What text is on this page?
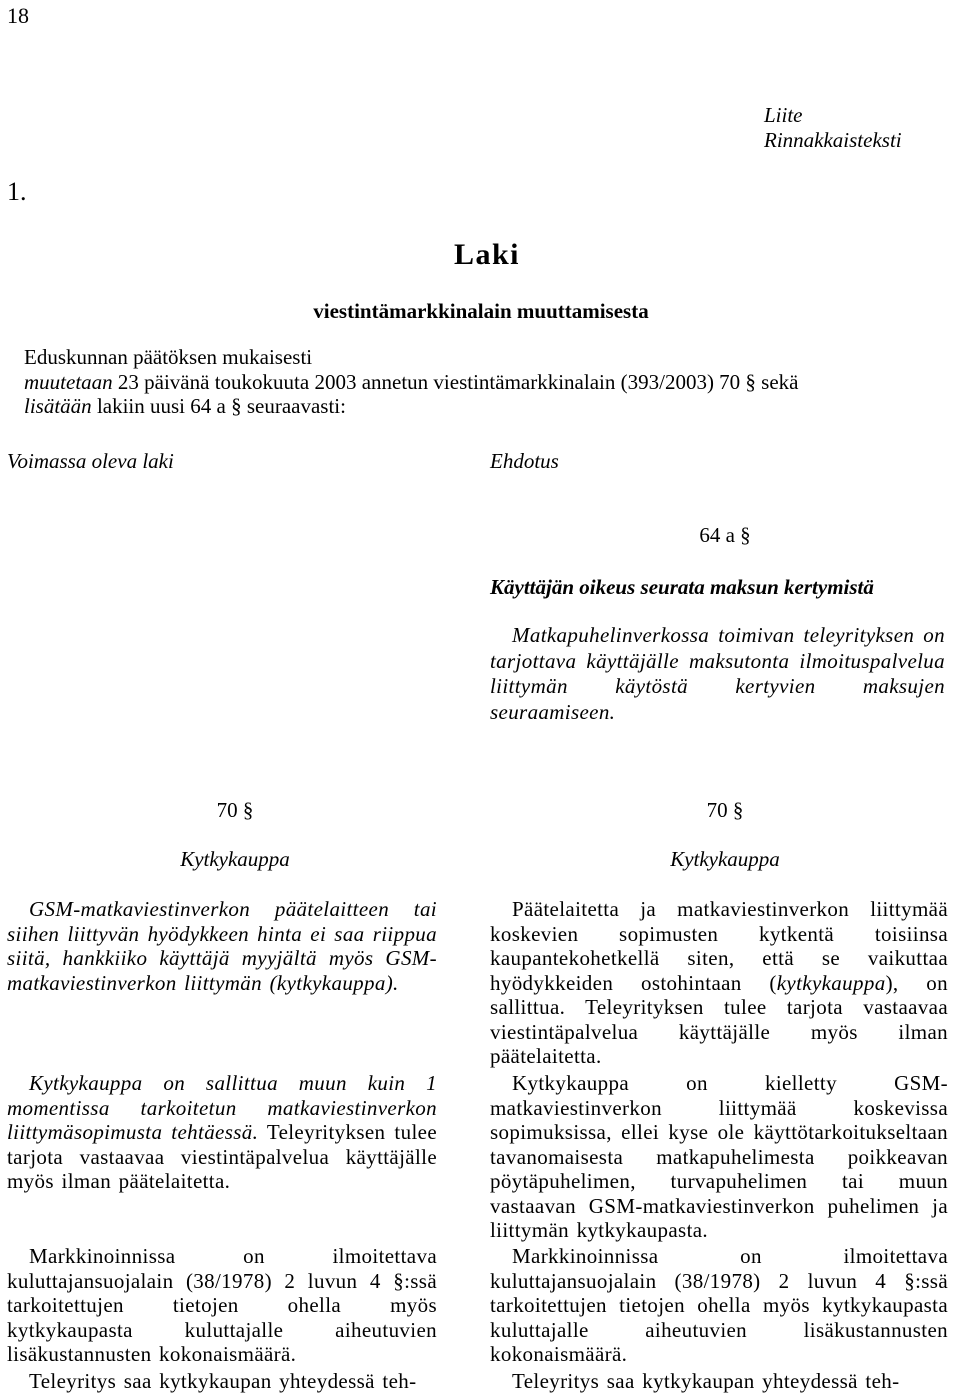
18
Liite
Rinnakkaisteksti
1.
Laki
viestintämarkkinalain muuttamisesta
Eduskunnan päätöksen mukaisesti
muutetaan 23 päivänä toukokuuta 2003 annetun viestintämarkkinalain (393/2003) 70 § sekä
lisätään lakiin uusi 64 a § seuraavasti:
Voimassa oleva laki	Ehdotus
64 a §
Käyttäjän oikeus seurata maksun kertymistä

Matkapuhelinverkossa toimivan teleyrityksen on tarjottava käyttäjälle maksutonta ilmoituspalvelua liittymän käytöstä kertyvien maksujen seuraamiseen.

70 §
Kytkykauppa

GSM-matkaviestinverkon päätelaitteen tai siihen liittyvän hyödykkeen hinta ei saa riippua siitä, hankkiiko käyttäjä myyjältä myös GSM-matkaviestinverkon liittymän (kytkykauppa).

Kytkykauppa on sallittua muun kuin 1 momentissa tarkoitetun matkaviestinverkon liittymäsopimusta tehtäessä. Teleyrityksen tulee tarjota vastaavaa viestintäpalvelua käyttäjälle myös ilman päätelaitetta.

Markkinoinnissa on ilmoitettava kuluttajansuojalain (38/1978) 2 luvun 4 §:ssä tarkoitettujen tietojen ohella myös kytkykaupasta kuluttajalle aiheutuvien lisäkustannusten kokonaismäärä.

Teleyritys saa kytkykaupan yhteydessä teh-

70 §
Kytkykauppa

Päätelaitetta ja matkaviestinverkon liittymää koskevien sopimusten kytkentä toisiinsa kaupantekohetkellä siten, että se vaikuttaa hyödykkeiden ostohintaan (kytkykauppa), on sallittua. Teleyrityksen tulee tarjota vastaavaa viestintäpalvelua käyttäjälle myös ilman päätelaitetta.

Kytkykauppa on kielletty GSM-matkaviestinverkon liittymää koskevissa sopimuksissa, ellei kyse ole käyttötarkoitukseltaan tavanomaisesta matkapuhelimesta poikkeavan pöytäpuhelimen, turvapuhelimen tai muun vastaavan GSM-matkaviestinverkon puhelimen ja liittymän kytkykaupasta.

Markkinoinnissa on ilmoitettava kuluttajansuojalain (38/1978) 2 luvun 4 §:ssä tarkoitettujen tietojen ohella myös kytkykaupasta kuluttajalle aiheutuvien lisäkustannusten kokonaismäärä.

Teleyritys saa kytkykaupan yhteydessä teh-
